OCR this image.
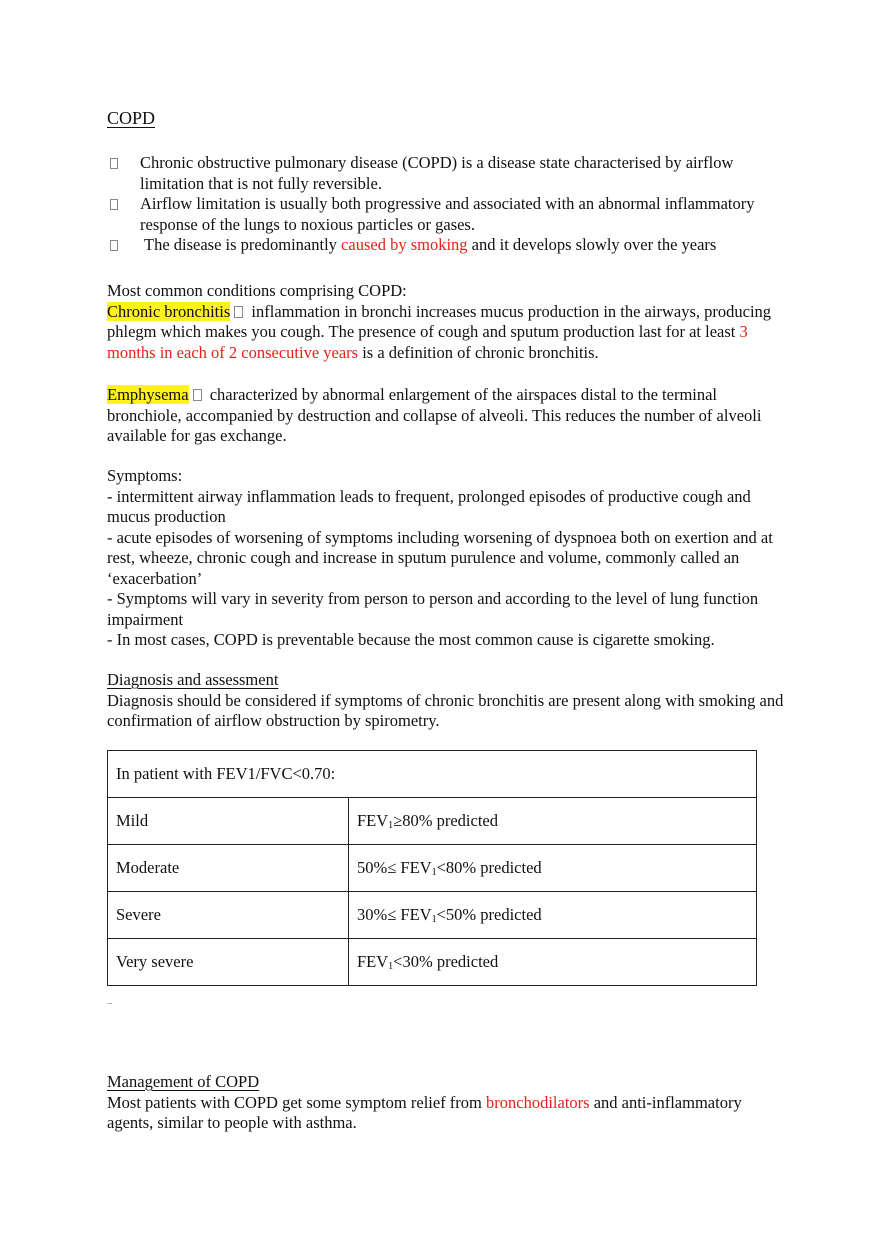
COPD
Chronic obstructive pulmonary disease (COPD) is a disease state characterised by airflow limitation that is not fully reversible.
Airflow limitation is usually both progressive and associated with an abnormal inflammatory response of the lungs to noxious particles or gases.
The disease is predominantly caused by smoking and it develops slowly over the years
Most common conditions comprising COPD:
Chronic bronchitis inflammation in bronchi increases mucus production in the airways, producing phlegm which makes you cough. The presence of cough and sputum production last for at least 3 months in each of 2 consecutive years is a definition of chronic bronchitis.
Emphysema characterized by abnormal enlargement of the airspaces distal to the terminal bronchiole, accompanied by destruction and collapse of alveoli. This reduces the number of alveoli available for gas exchange.
Symptoms:
- intermittent airway inflammation leads to frequent, prolonged episodes of productive cough and mucus production
- acute episodes of worsening of symptoms including worsening of dyspnoea both on exertion and at rest, wheeze, chronic cough and increase in sputum purulence and volume, commonly called an ‘exacerbation’
- Symptoms will vary in severity from person to person and according to the level of lung function impairment
- In most cases, COPD is preventable because the most common cause is cigarette smoking.
Diagnosis and assessment
Diagnosis should be considered if symptoms of chronic bronchitis are present along with smoking and confirmation of airflow obstruction by spirometry.
In patient with FEV1/FVC<0.70:	
Mild	$FEV_1\ge 80\%$ predicted
Moderate	$50\%\le FEV_1<80\%$ predicted
Severe	$30\%\le FEV_1<50\%$ predicted
Very severe	$FEV_1<30\%$ predicted
Management of COPD
Most patients with COPD get some symptom relief from bronchodilators and anti-inflammatory agents, similar to people with asthma.
